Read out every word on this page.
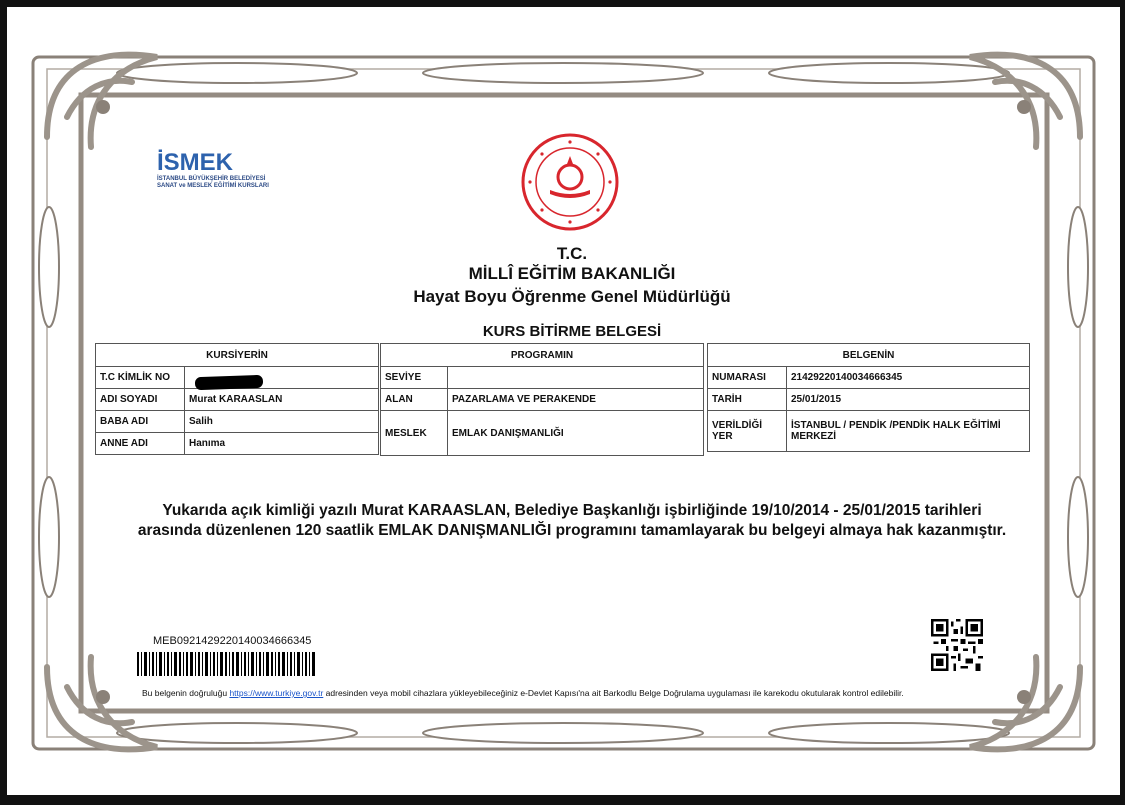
İSMEK
İSTANBUL BÜYÜKŞEHİR BELEDİYESİ
SANAT ve MESLEK EĞİTİMİ KURSLARI
T.C.
MİLLÎ EĞİTİM BAKANLIĞI
Hayat Boyu Öğrenme Genel Müdürlüğü
KURS BİTİRME BELGESİ
KURSİYERİN	
T.C KİMLİK NO	
ADI SOYADI	Murat KARAASLAN
BABA ADI	Salih
ANNE ADI	Hanıma
PROGRAMIN	
SEVİYE	
ALAN	PAZARLAMA VE PERAKENDE
MESLEK	EMLAK DANIŞMANLIĞI
BELGENİN	
NUMARASI	21429220140034666345
TARİH	25/01/2015
VERİLDİĞİ YER	İSTANBUL / PENDİK /PENDİK HALK EĞİTİMİ MERKEZİ
Yukarıda açık kimliği yazılı Murat KARAASLAN, Belediye Başkanlığı işbirliğinde 19/10/2014 - 25/01/2015 tarihleri
arasında düzenlenen 120 saatlik EMLAK DANIŞMANLIĞI programını tamamlayarak bu belgeyi almaya hak kazanmıştır.
MEB09214292201400346663​45
Bu belgenin doğruluğu https://www.turkiye.gov.tr adresinden veya mobil cihazlara yükleyebileceğiniz e-Devlet Kapısı'na ait Barkodlu Belge Doğrulama uygulaması ile karekodu okutularak kontrol edilebilir.
